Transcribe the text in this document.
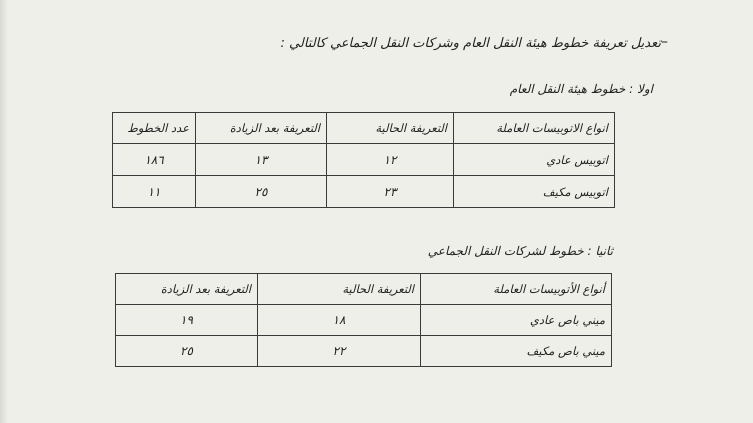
–
تعديل تعريفة خطوط هيئة النقل العام وشركات النقل الجماعي كالتالي :
اولا : خطوط هيئة النقل العام
انواع الاتوبيسات العاملة	التعريفة الحالية	التعريفة بعد الزيادة	عدد الخطوط
اتوبيس عادي	١٢	١٣	١٨٦
اتوبيس مكيف	٢٣	٢٥	١١
ثانيا : خطوط لشركات النقل الجماعي
أنواع الأتوبيسات العاملة	التعريفة الحالية	التعريفة بعد الزيادة
ميني باص عادي	١٨	١٩
ميني باص مكيف	٢٢	٢٥
